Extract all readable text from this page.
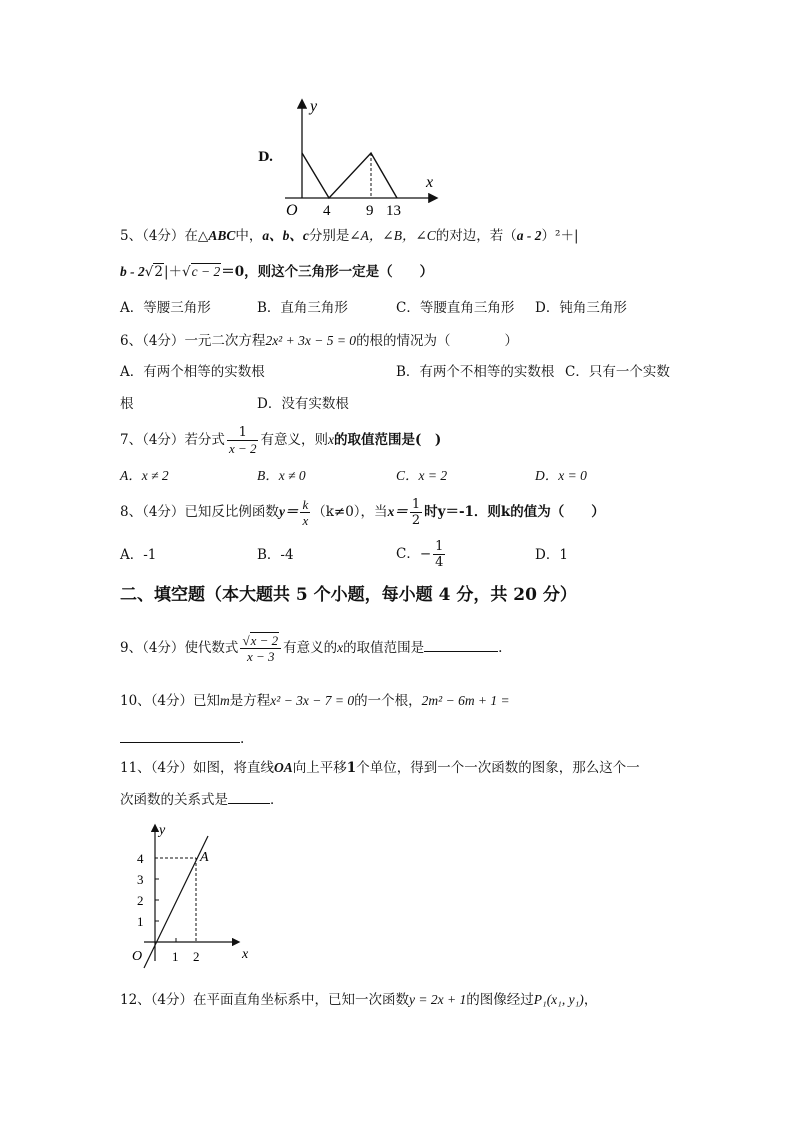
D.
y
x
O 4 9 13
5、（4分）在△ABC中，a、b、c分别是∠A，∠B，∠C的对边，若（a - 2）²＋|
b - 2√2|＋√c − 2＝0，则这个三角形一定是（　　）
A．等腰三角形	B．直角三角形	C．等腰直角三角形 D．钝角三角形
6、（4分）一元二次方程2x² + 3x − 5 = 0的根的情况为（　　　　）
A．有两个相等的实数根	B．有两个不相等的实数根 C．只有一个实数
根	D．没有实数根
7、（4分）若分式 $\frac{1}{x - 2}$ 有意义，则x的取值范围是(　)
A．x ≠ 2	B．x ≠ 0	C．x = 2	D．x = 0
8、（4分）已知反比例函数$y= \frac{k}{x} (k\ne 0)$，当$x= \frac{1}{2}$ 时y＝-1．则k的值为（　　）
A．-1	B．-4	C．− $\frac{1}{4}$	D．1
二、填空题（本大题共 5 个小题，每小题 4 分，共 20 分）
9、（4分）使代数式 $\frac{√x - 2}{x - 3}$ 有意义的x的取值范围是	.
10、（4分）已知m是方程x² − 3x − 7 = 0的一个根，2m² − 6m + 1 =
.
11、（4分）如图，将直线OA向上平移1个单位，得到一个一次函数的图象，那么这个一
次函数的关系式是	．
y
x
O
A
1
2
3
4
1 2
12、（4分）在平面直角坐标系中，已知一次函数y = 2x + 1的图像经过P₁(x₁, y₁)，
